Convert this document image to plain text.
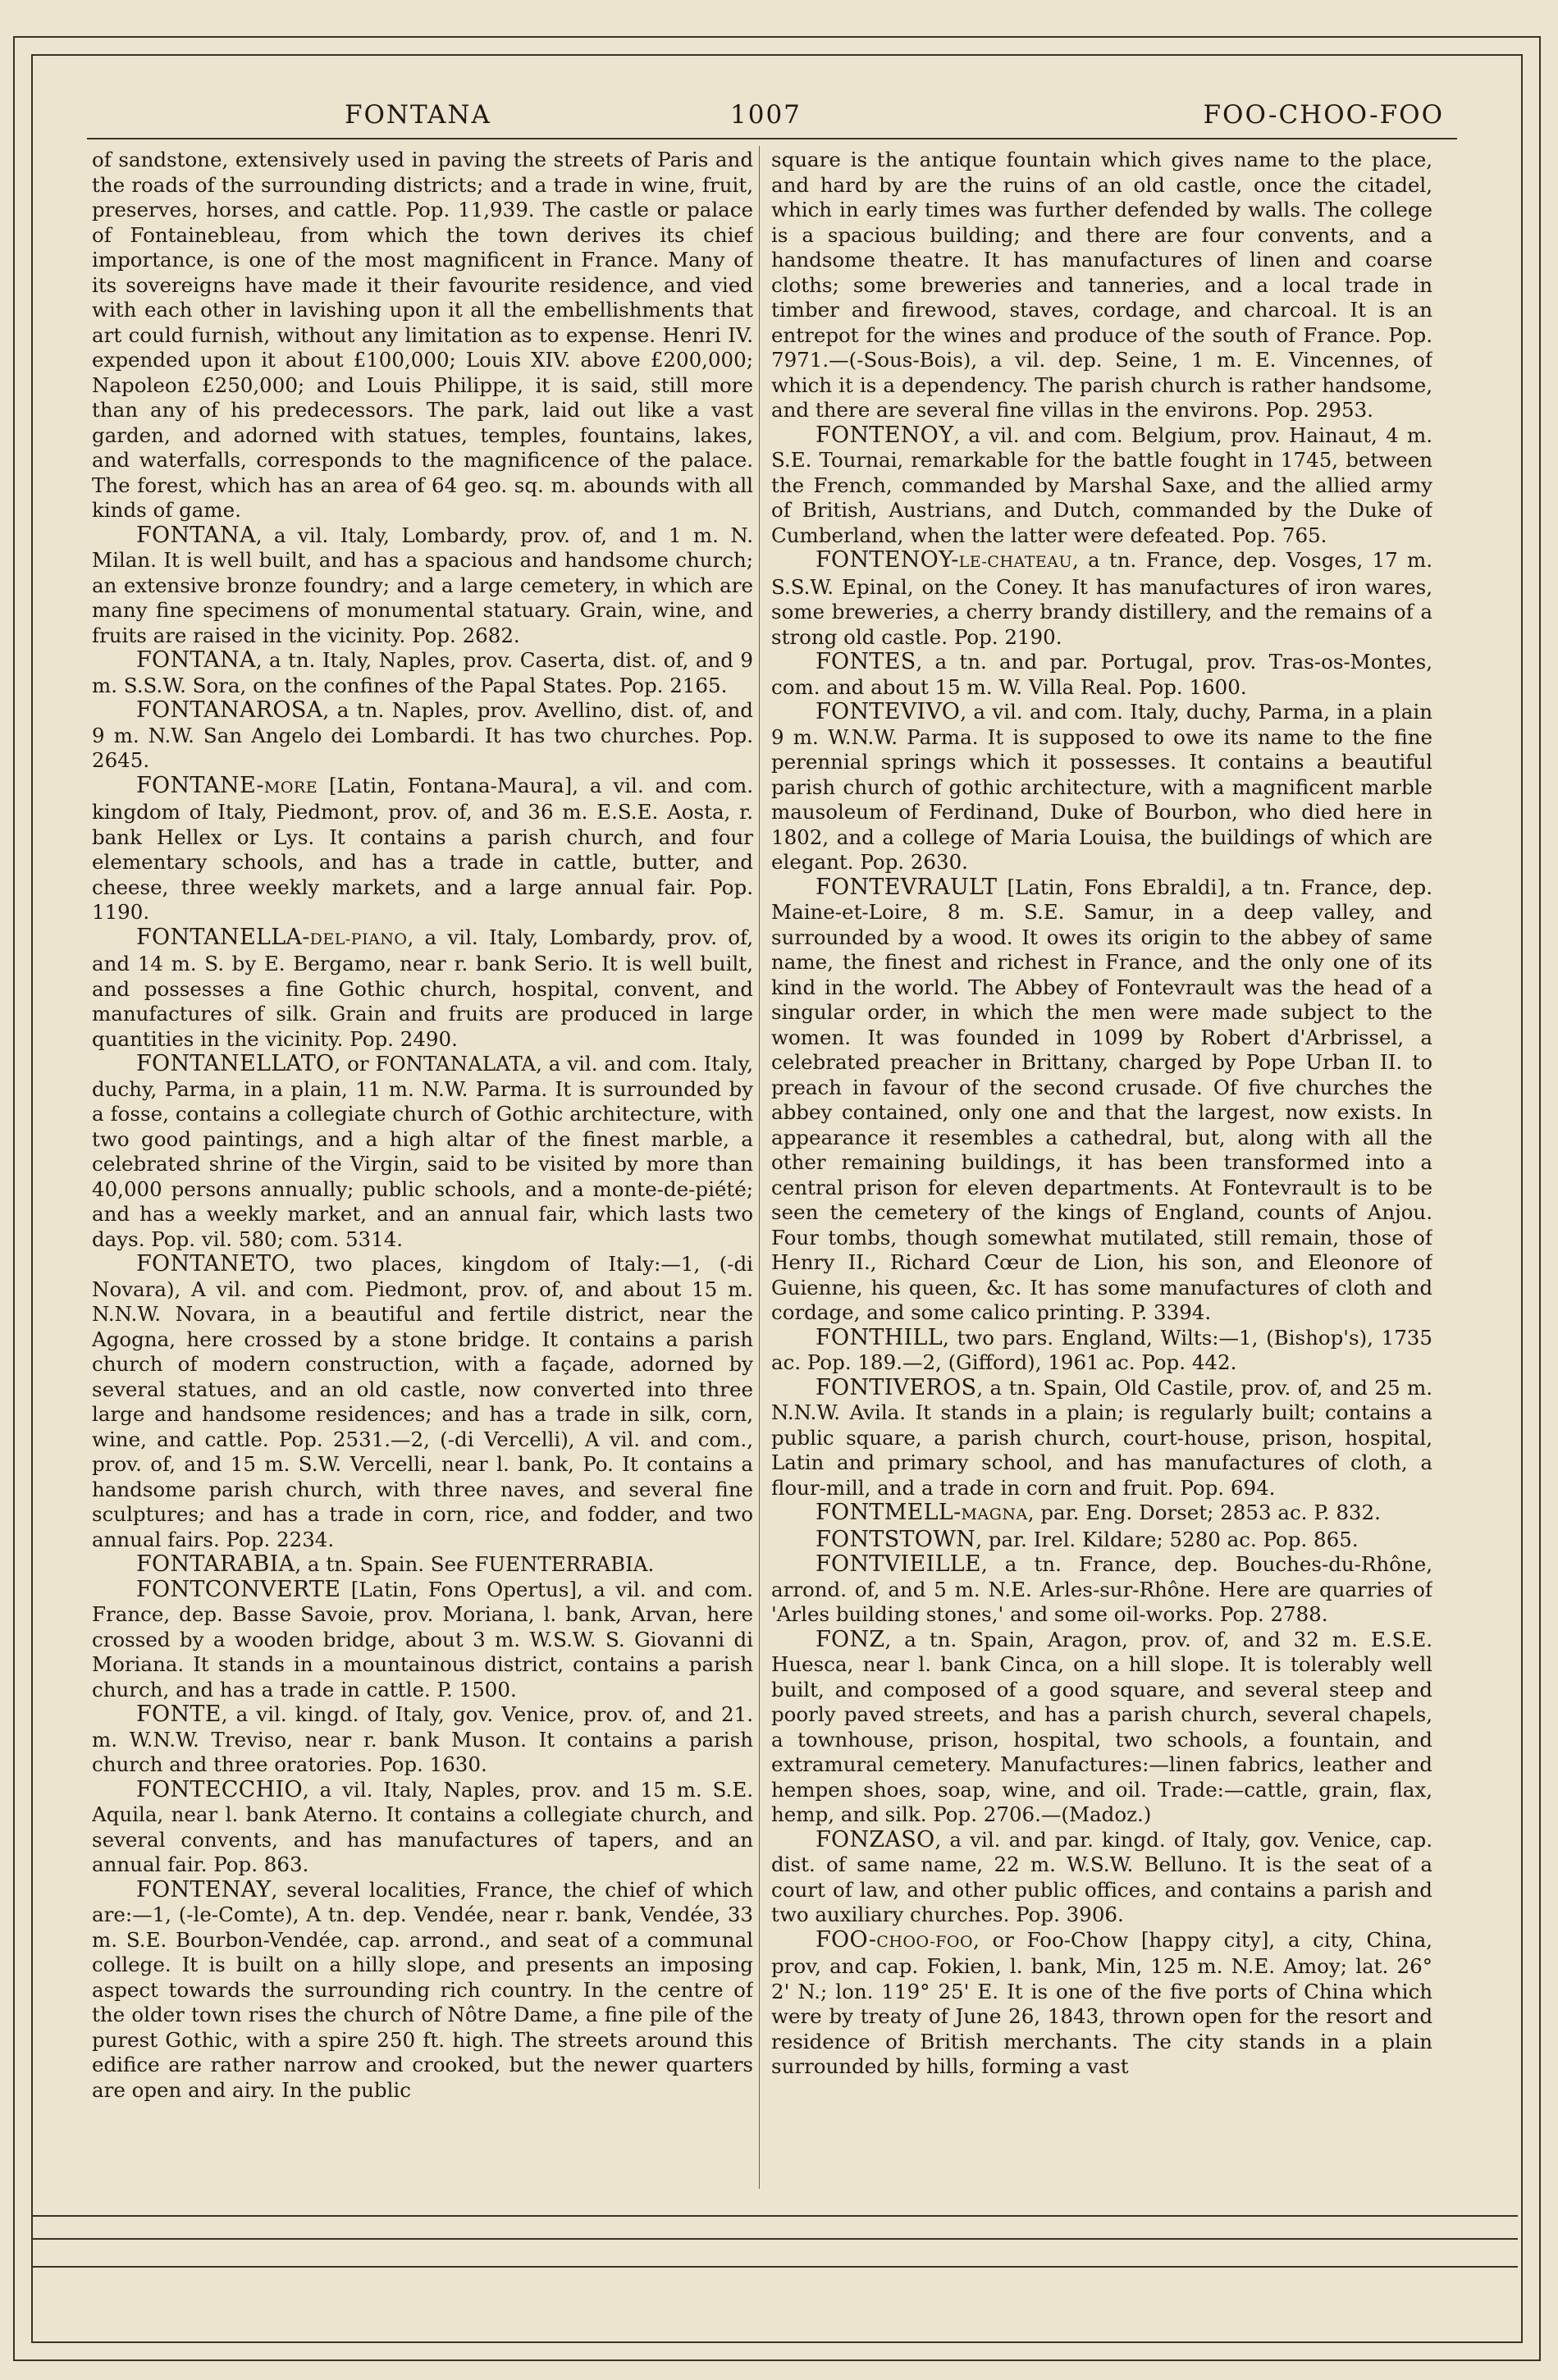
FONTANA	1007	FOO-CHOO-FOO

of sandstone, extensively used in paving the streets of Paris and the roads of the surrounding districts; and a trade in wine, fruit, preserves, horses, and cattle. Pop. 11,939. The castle or palace of Fontainebleau, from which the town derives its chief importance, is one of the most magnificent in France. Many of its sovereigns have made it their favourite residence, and vied with each other in lavishing upon it all the embellishments that art could furnish, without any limitation as to expense. Henri IV. expended upon it about £100,000; Louis XIV. above £200,000; Napoleon £250,000; and Louis Philippe, it is said, still more than any of his predecessors. The park, laid out like a vast garden, and adorned with statues, temples, fountains, lakes, and waterfalls, corresponds to the magnificence of the palace. The forest, which has an area of 64 geo. sq. m. abounds with all kinds of game.

FONTANA, a vil. Italy, Lombardy, prov. of, and 1 m. N. Milan. It is well built, and has a spacious and handsome church; an extensive bronze foundry; and a large cemetery, in which are many fine specimens of monumental statuary. Grain, wine, and fruits are raised in the vicinity. Pop. 2682.

FONTANA, a tn. Italy, Naples, prov. Caserta, dist. of, and 9 m. S.S.W. Sora, on the confines of the Papal States. Pop. 2165.

FONTANAROSA, a tn. Naples, prov. Avellino, dist. of, and 9 m. N.W. San Angelo dei Lombardi. It has two churches. Pop. 2645.

FONTANE-MORE [Latin, Fontana-Maura], a vil. and com. kingdom of Italy, Piedmont, prov. of, and 36 m. E.S.E. Aosta, r. bank Hellex or Lys. It contains a parish church, and four elementary schools, and has a trade in cattle, butter, and cheese, three weekly markets, and a large annual fair. Pop. 1190.

FONTANELLA-DEL-PIANO, a vil. Italy, Lombardy, prov. of, and 14 m. S. by E. Bergamo, near r. bank Serio. It is well built, and possesses a fine Gothic church, hospital, convent, and manufactures of silk. Grain and fruits are produced in large quantities in the vicinity. Pop. 2490.

FONTANELLATO, or FONTANALATA, a vil. and com. Italy, duchy, Parma, in a plain, 11 m. N.W. Parma. It is surrounded by a fosse, contains a collegiate church of Gothic architecture, with two good paintings, and a high altar of the finest marble, a celebrated shrine of the Virgin, said to be visited by more than 40,000 persons annually; public schools, and a monte-de-piété; and has a weekly market, and an annual fair, which lasts two days. Pop. vil. 580; com. 5314.

FONTANETO, two places, kingdom of Italy:—1, (-di Novara), A vil. and com. Piedmont, prov. of, and about 15 m. N.N.W. Novara, in a beautiful and fertile district, near the Agogna, here crossed by a stone bridge. It contains a parish church of modern construction, with a façade, adorned by several statues, and an old castle, now converted into three large and handsome residences; and has a trade in silk, corn, wine, and cattle. Pop. 2531.—2, (-di Vercelli), A vil. and com., prov. of, and 15 m. S.W. Vercelli, near l. bank, Po. It contains a handsome parish church, with three naves, and several fine sculptures; and has a trade in corn, rice, and fodder, and two annual fairs. Pop. 2234.

FONTARABIA, a tn. Spain. See FUENTERRABIA.

FONTCONVERTE [Latin, Fons Opertus], a vil. and com. France, dep. Basse Savoie, prov. Moriana, l. bank, Arvan, here crossed by a wooden bridge, about 3 m. W.S.W. S. Giovanni di Moriana. It stands in a mountainous district, contains a parish church, and has a trade in cattle. P. 1500.

FONTE, a vil. kingd. of Italy, gov. Venice, prov. of, and 21. m. W.N.W. Treviso, near r. bank Muson. It contains a parish church and three oratories. Pop. 1630.

FONTECCHIO, a vil. Italy, Naples, prov. and 15 m. S.E. Aquila, near l. bank Aterno. It contains a collegiate church, and several convents, and has manufactures of tapers, and an annual fair. Pop. 863.

FONTENAY, several localities, France, the chief of which are:—1, (-le-Comte), A tn. dep. Vendée, near r. bank, Vendée, 33 m. S.E. Bourbon-Vendée, cap. arrond., and seat of a communal college. It is built on a hilly slope, and presents an imposing aspect towards the surrounding rich country. In the centre of the older town rises the church of Nôtre Dame, a fine pile of the purest Gothic, with a spire 250 ft. high. The streets around this edifice are rather narrow and crooked, but the newer quarters are open and airy. In the public

square is the antique fountain which gives name to the place, and hard by are the ruins of an old castle, once the citadel, which in early times was further defended by walls. The college is a spacious building; and there are four convents, and a handsome theatre. It has manufactures of linen and coarse cloths; some breweries and tanneries, and a local trade in timber and firewood, staves, cordage, and charcoal. It is an entrepot for the wines and produce of the south of France. Pop. 7971.—(-Sous-Bois), a vil. dep. Seine, 1 m. E. Vincennes, of which it is a dependency. The parish church is rather handsome, and there are several fine villas in the environs. Pop. 2953.

FONTENOY, a vil. and com. Belgium, prov. Hainaut, 4 m. S.E. Tournai, remarkable for the battle fought in 1745, between the French, commanded by Marshal Saxe, and the allied army of British, Austrians, and Dutch, commanded by the Duke of Cumberland, when the latter were defeated. Pop. 765.

FONTENOY-LE-CHATEAU, a tn. France, dep. Vosges, 17 m. S.S.W. Epinal, on the Coney. It has manufactures of iron wares, some breweries, a cherry brandy distillery, and the remains of a strong old castle. Pop. 2190.

FONTES, a tn. and par. Portugal, prov. Tras-os-Montes, com. and about 15 m. W. Villa Real. Pop. 1600.

FONTEVIVO, a vil. and com. Italy, duchy, Parma, in a plain 9 m. W.N.W. Parma. It is supposed to owe its name to the fine perennial springs which it possesses. It contains a beautiful parish church of gothic architecture, with a magnificent marble mausoleum of Ferdinand, Duke of Bourbon, who died here in 1802, and a college of Maria Louisa, the buildings of which are elegant. Pop. 2630.

FONTEVRAULT [Latin, Fons Ebraldi], a tn. France, dep. Maine-et-Loire, 8 m. S.E. Samur, in a deep valley, and surrounded by a wood. It owes its origin to the abbey of same name, the finest and richest in France, and the only one of its kind in the world. The Abbey of Fontevrault was the head of a singular order, in which the men were made subject to the women. It was founded in 1099 by Robert d'Arbrissel, a celebrated preacher in Brittany, charged by Pope Urban II. to preach in favour of the second crusade. Of five churches the abbey contained, only one and that the largest, now exists. In appearance it resembles a cathedral, but, along with all the other remaining buildings, it has been transformed into a central prison for eleven departments. At Fontevrault is to be seen the cemetery of the kings of England, counts of Anjou. Four tombs, though somewhat mutilated, still remain, those of Henry II., Richard Cœur de Lion, his son, and Eleonore of Guienne, his queen, &c. It has some manufactures of cloth and cordage, and some calico printing. P. 3394.

FONTHILL, two pars. England, Wilts:—1, (Bishop's), 1735 ac. Pop. 189.—2, (Gifford), 1961 ac. Pop. 442.

FONTIVEROS, a tn. Spain, Old Castile, prov. of, and 25 m. N.N.W. Avila. It stands in a plain; is regularly built; contains a public square, a parish church, court-house, prison, hospital, Latin and primary school, and has manufactures of cloth, a flour-mill, and a trade in corn and fruit. Pop. 694.

FONTMELL-MAGNA, par. Eng. Dorset; 2853 ac. P. 832.

FONTSTOWN, par. Irel. Kildare; 5280 ac. Pop. 865.

FONTVIEILLE, a tn. France, dep. Bouches-du-Rhône, arrond. of, and 5 m. N.E. Arles-sur-Rhône. Here are quarries of 'Arles building stones,' and some oil-works. Pop. 2788.

FONZ, a tn. Spain, Aragon, prov. of, and 32 m. E.S.E. Huesca, near l. bank Cinca, on a hill slope. It is tolerably well built, and composed of a good square, and several steep and poorly paved streets, and has a parish church, several chapels, a townhouse, prison, hospital, two schools, a fountain, and extramural cemetery. Manufactures:—linen fabrics, leather and hempen shoes, soap, wine, and oil. Trade:—cattle, grain, flax, hemp, and silk. Pop. 2706.—(Madoz.)

FONZASO, a vil. and par. kingd. of Italy, gov. Venice, cap. dist. of same name, 22 m. W.S.W. Belluno. It is the seat of a court of law, and other public offices, and contains a parish and two auxiliary churches. Pop. 3906.

FOO-CHOO-FOO, or Foo-Chow [happy city], a city, China, prov, and cap. Fokien, l. bank, Min, 125 m. N.E. Amoy; lat. 26° 2' N.; lon. 119° 25' E. It is one of the five ports of China which were by treaty of June 26, 1843, thrown open for the resort and residence of British merchants. The city stands in a plain surrounded by hills, forming a vast
